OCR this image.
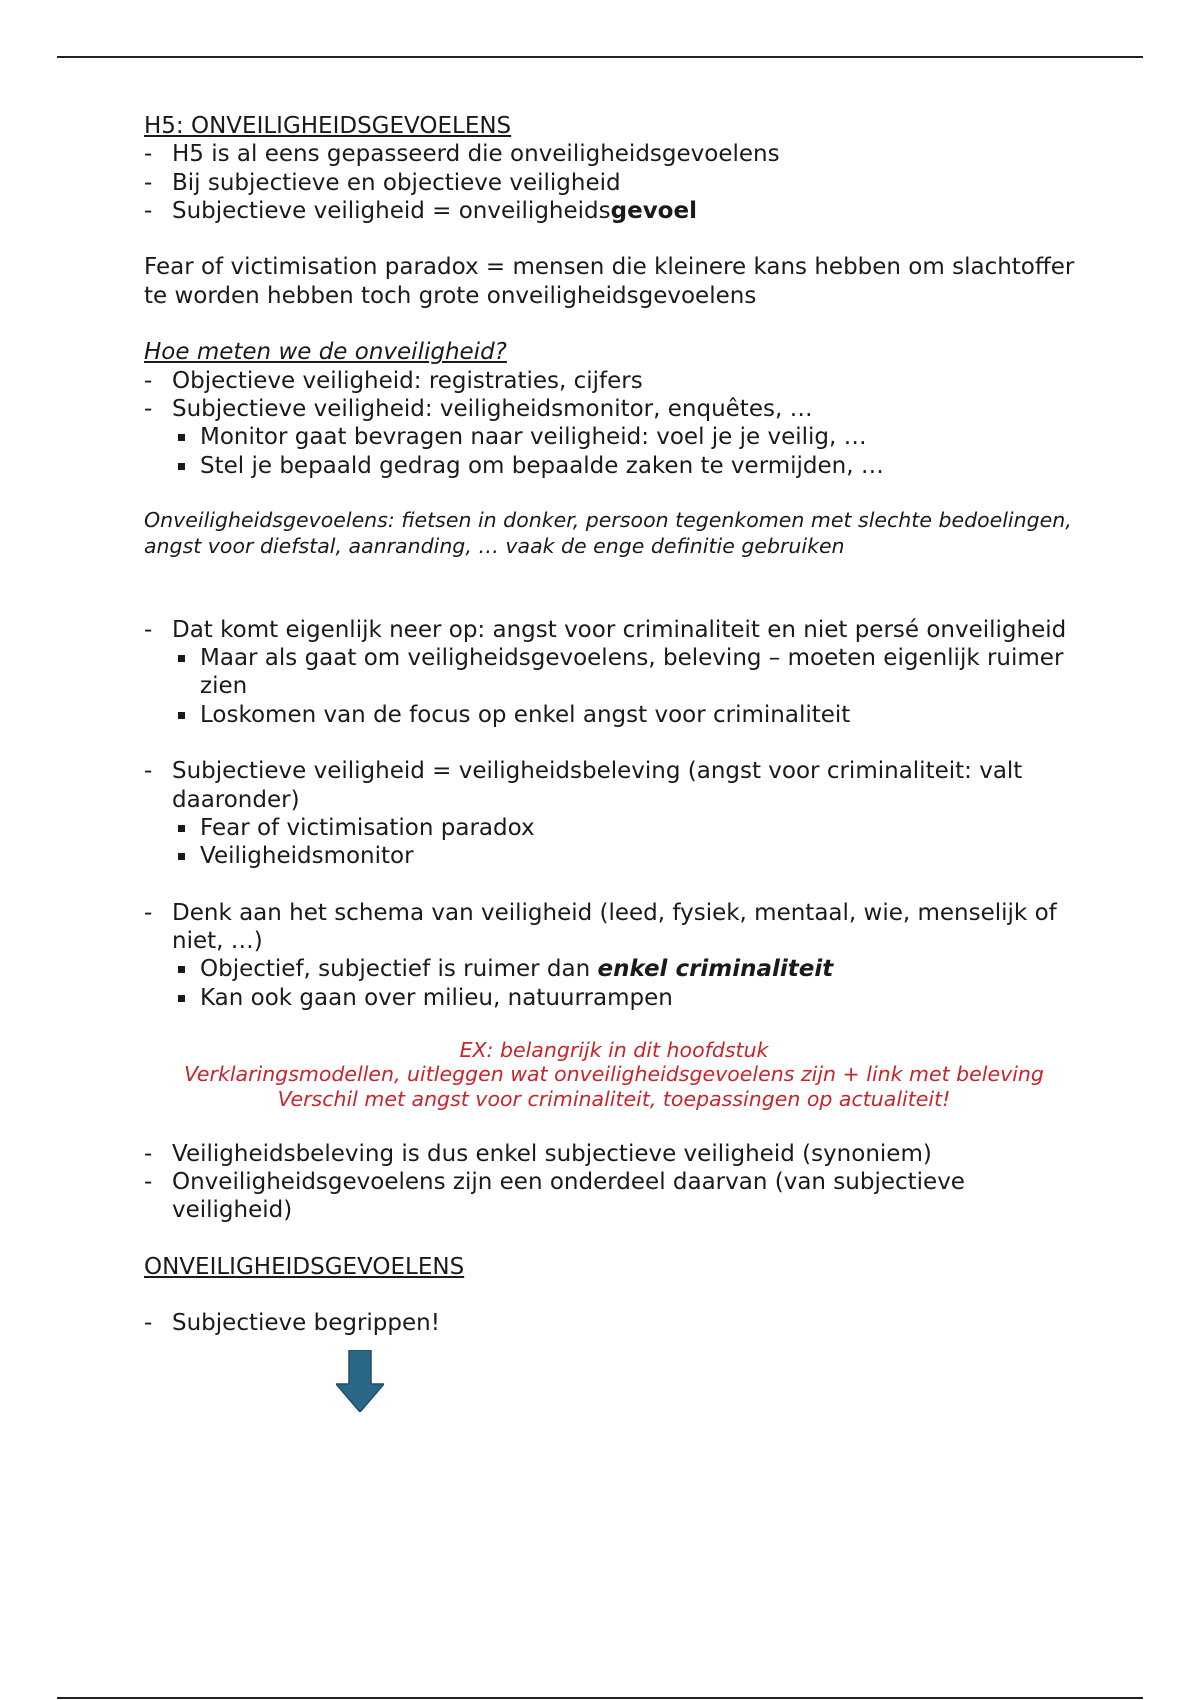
H5: ONVEILIGHEIDSGEVOELENS
- H5 is al eens gepasseerd die onveiligheidsgevoelens
- Bij subjectieve en objectieve veiligheid
- Subjectieve veiligheid = onveiligheidsgevoel
Fear of victimisation paradox = mensen die kleinere kans hebben om slachtoffer te worden hebben toch grote onveiligheidsgevoelens
Hoe meten we de onveiligheid?
- Objectieve veiligheid: registraties, cijfers
- Subjectieve veiligheid: veiligheidsmonitor, enquêtes, …
Monitor gaat bevragen naar veiligheid: voel je je veilig, …
Stel je bepaald gedrag om bepaalde zaken te vermijden, …
Onveiligheidsgevoelens: fietsen in donker, persoon tegenkomen met slechte bedoelingen, angst voor diefstal, aanranding, … vaak de enge definitie gebruiken
- Dat komt eigenlijk neer op: angst voor criminaliteit en niet persé onveiligheid
Maar als gaat om veiligheidsgevoelens, beleving – moeten eigenlijk ruimer zien
Loskomen van de focus op enkel angst voor criminaliteit
- Subjectieve veiligheid = veiligheidsbeleving (angst voor criminaliteit: valt daaronder)
Fear of victimisation paradox
Veiligheidsmonitor
- Denk aan het schema van veiligheid (leed, fysiek, mentaal, wie, menselijk of niet, …)
Objectief, subjectief is ruimer dan enkel criminaliteit
Kan ook gaan over milieu, natuurrampen
EX: belangrijk in dit hoofdstuk
Verklaringsmodellen, uitleggen wat onveiligheidsgevoelens zijn + link met beleving
Verschil met angst voor criminaliteit, toepassingen op actualiteit!
- Veiligheidsbeleving is dus enkel subjectieve veiligheid (synoniem)
- Onveiligheidsgevoelens zijn een onderdeel daarvan (van subjectieve veiligheid)
ONVEILIGHEIDSGEVOELENS
- Subjectieve begrippen!
